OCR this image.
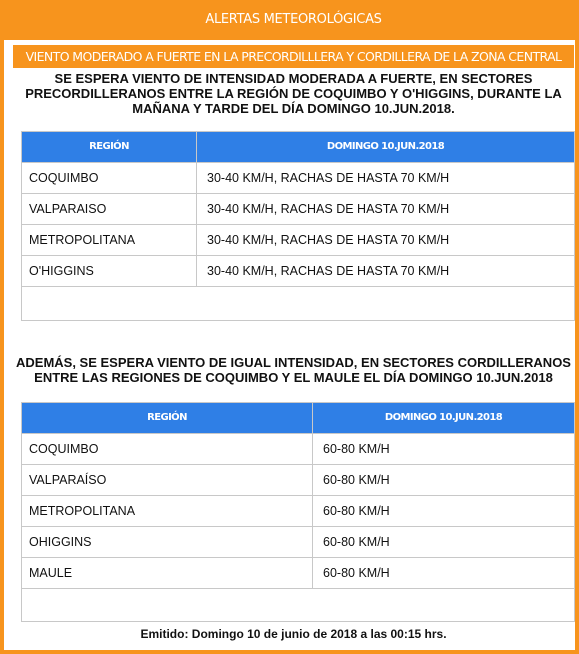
ALERTAS METEOROLÓGICAS
VIENTO MODERADO A FUERTE EN LA PRECORDILLLERA Y CORDILLERA DE LA ZONA CENTRAL
SE ESPERA VIENTO DE INTENSIDAD MODERADA A FUERTE, EN SECTORES PRECORDILLERANOS ENTRE LA REGIÓN DE COQUIMBO Y O'HIGGINS, DURANTE LA MAÑANA Y TARDE DEL DÍA DOMINGO 10.JUN.2018.
REGIÓN	DOMINGO 10.JUN.2018
COQUIMBO	30-40 KM/H, RACHAS DE HASTA 70 KM/H
VALPARAISO	30-40 KM/H, RACHAS DE HASTA 70 KM/H
METROPOLITANA	30-40 KM/H, RACHAS DE HASTA 70 KM/H
O'HIGGINS	30-40 KM/H, RACHAS DE HASTA 70 KM/H
ADEMÁS, SE ESPERA VIENTO DE IGUAL INTENSIDAD, EN SECTORES CORDILLERANOS ENTRE LAS REGIONES DE COQUIMBO Y EL MAULE EL DÍA DOMINGO 10.JUN.2018
REGIÓN	DOMINGO 10.JUN.2018
COQUIMBO	60-80 KM/H
VALPARAÍSO	60-80 KM/H
METROPOLITANA	60-80 KM/H
OHIGGINS	60-80 KM/H
MAULE	60-80 KM/H
Emitido: Domingo 10 de junio de 2018 a las 00:15 hrs.
